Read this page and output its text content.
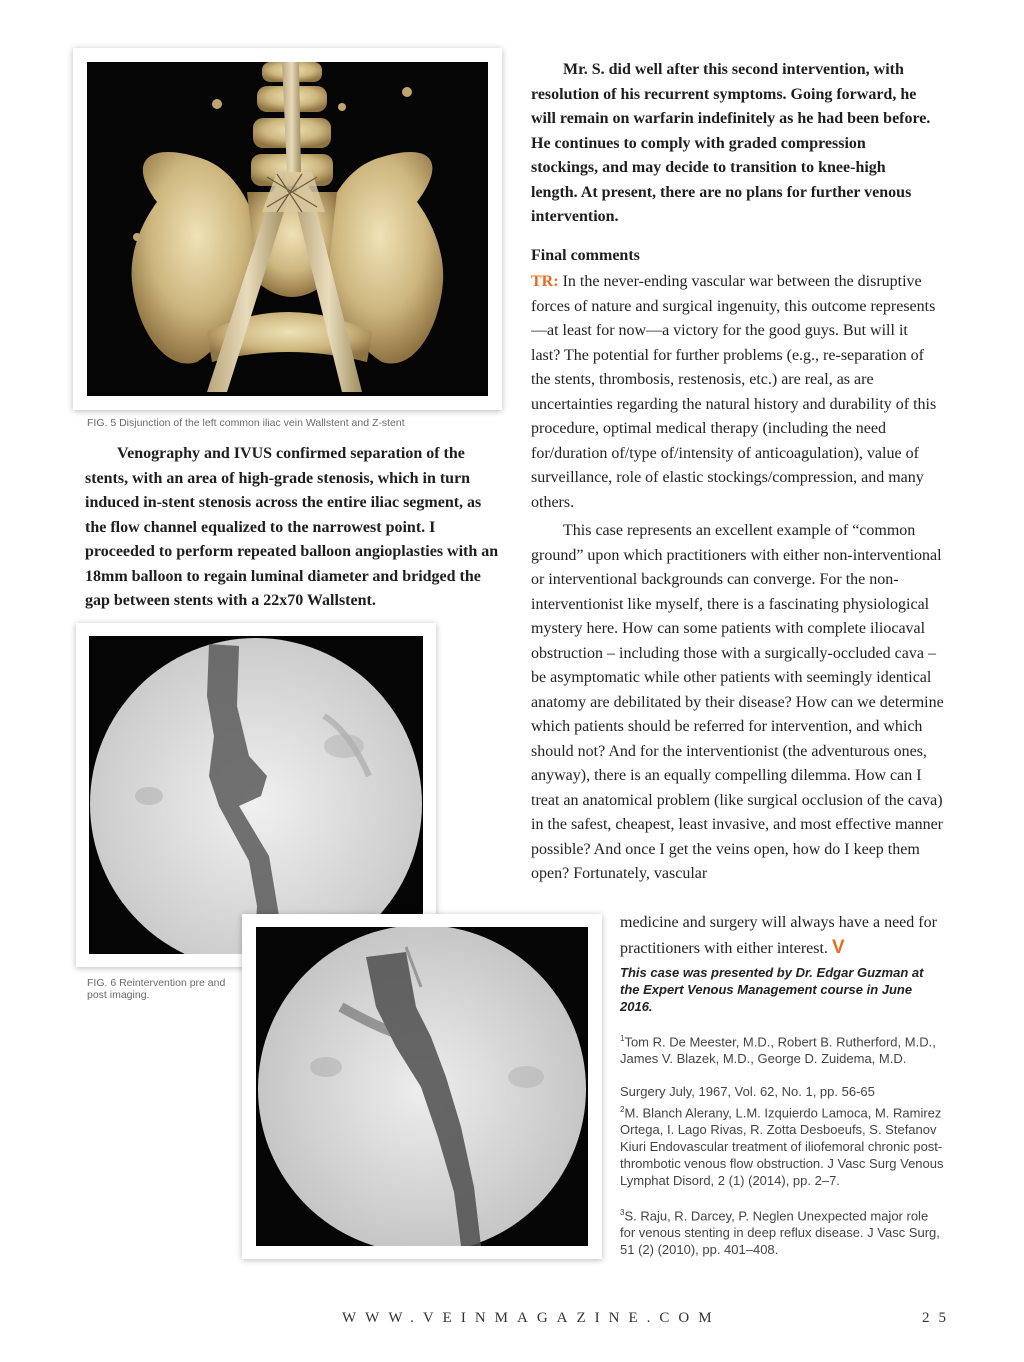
FIG. 5 Disjunction of the left common iliac vein Wallstent and Z-stent

Venography and IVUS confirmed separation of the stents, with an area of high-grade stenosis, which in turn induced in-stent stenosis across the entire iliac segment, as the flow channel equalized to the narrowest point. I proceeded to perform repeated balloon angioplasties with an 18mm balloon to regain luminal diameter and bridged the gap between stents with a 22x70 Wallstent.

FIG. 6 Reintervention pre and post imaging.

Mr. S. did well after this second intervention, with resolution of his recurrent symptoms. Going forward, he will remain on warfarin indefinitely as he had been before. He continues to comply with graded compression stockings, and may decide to transition to knee-high length. At present, there are no plans for further venous intervention.

Final comments

TR: In the never-ending vascular war between the disruptive forces of nature and surgical ingenuity, this outcome represents—at least for now—a victory for the good guys. But will it last? The potential for further problems (e.g., re-separation of the stents, thrombosis, restenosis, etc.) are real, as are uncertainties regarding the natural history and durability of this procedure, optimal medical therapy (including the need for/duration of/type of/intensity of anticoagulation), value of surveillance, role of elastic stockings/compression, and many others.

This case represents an excellent example of “common ground” upon which practitioners with either non-interventional or interventional backgrounds can converge. For the non-interventionist like myself, there is a fascinating physiological mystery here. How can some patients with complete iliocaval obstruction – including those with a surgically-occluded cava – be asymptomatic while other patients with seemingly identical anatomy are debilitated by their disease? How can we determine which patients should be referred for intervention, and which should not? And for the interventionist (the adventurous ones, anyway), there is an equally compelling dilemma. How can I treat an anatomical problem (like surgical occlusion of the cava) in the safest, cheapest, least invasive, and most effective manner possible? And once I get the veins open, how do I keep them open? Fortunately, vascular

medicine and surgery will always have a need for practitioners with either interest. V

This case was presented by Dr. Edgar Guzman at the Expert Venous Management course in June 2016.

$^1$Tom R. De Meester, M.D., Robert B. Rutherford, M.D., James V. Blazek, M.D., George D. Zuidema, M.D.

Surgery July, 1967, Vol. 62, No. 1, pp. 56-65

$^2$M. Blanch Alerany, L.M. Izquierdo Lamoca, M. Ramirez Ortega, I. Lago Rivas, R. Zotta Desboeufs, S. Stefanov Kiuri Endovascular treatment of iliofemoral chronic post-thrombotic venous flow obstruction. J Vasc Surg Venous Lymphat Disord, 2 (1) (2014), pp. 2–7.

$^3$S. Raju, R. Darcey, P. Neglen Unexpected major role for venous stenting in deep reflux disease. J Vasc Surg, 51 (2) (2010), pp. 401–408.

WWW.VEINMAGAZINE.COM	25
